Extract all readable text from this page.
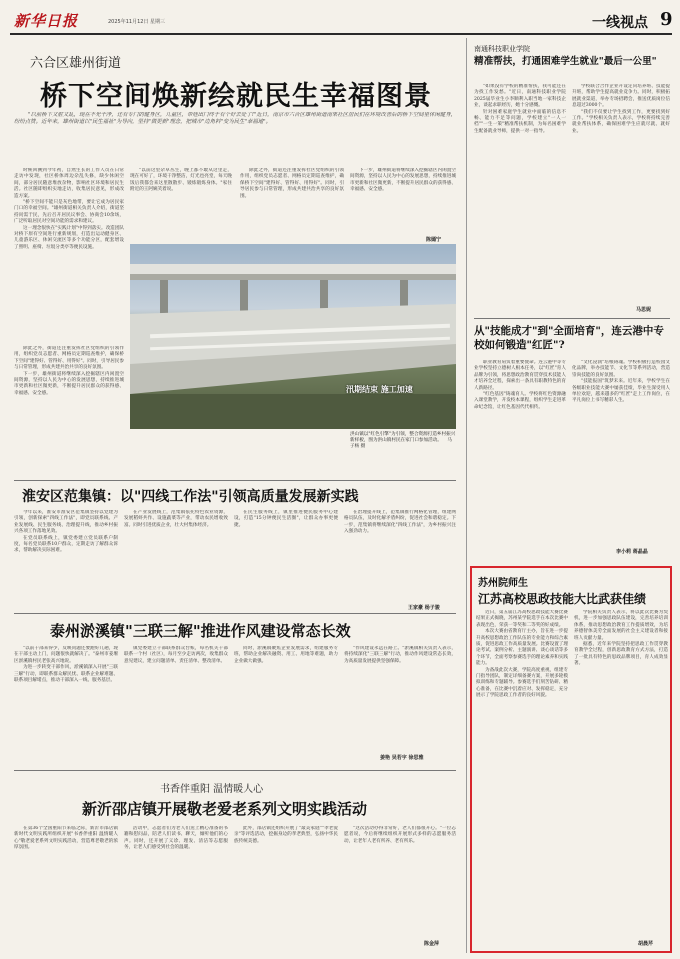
新华日报	2025年11月12日 星期三	一线视点 9
六合区雄州街道
桥下空间焕新绘就民生幸福图景
"以前桥下又脏又乱，现在不光干净，还有专门的健身区，儿童区，带娃出门终于有个好去处了!"近日，南京市六合区雄州街道南果社区居民们在环境改善后的桥下空间里休闲健身，纷纷点赞。近年来，雄州街道以"民生福祉"为导向，坚持"微更新"理念，把城市"边角料"变为民生"幸福地"。

时候回溯到今年初，自然生长的工作人员在日常走访中发现，社区桥体周边杂乱失修，缺少休闲空间，部分居民随意堆放杂物，影响社区环境和居民生活。社区随即组织实地走访，收集居民意见，形成改造方案。

"桥下空间不能只是灰色地带，要让它成为居民家门口的幸福空间。"雄州街道相关负责人介绍，街道坚持问需于民，先后召开居民议事会、协商会10余场，广泛听取居民对空间功能的需求和建议。

这一理念很快在"实践计划"中得到落实。改造团队对桥下原有空间进行重新规划，打造出运动健身区、儿童游乐区、休闲交流区等多个功能分区，配套增设了照明、座椅、垃圾分类亭等便民设施。

"以前这里杂草丛生，晚上都不敢从这里走，现在可好了，环境干净整洁，灯光也亮堂，每天晚饭后我都会来这里散散步、锻炼锻炼身体。"家住附近的王阿姨笑着说。

除此之外，街道还注重发挥社区党组织的引领作用，组织党员志愿者、网格员定期巡查维护，确保桥下空间"建得好、管得好、用得好"。同时，引导居民参与日常管理，形成共建共治共享的良好氛围。

下一步，雄州街道将继续深入挖掘辖区内闲置空间资源，坚持以人民为中心的发展思想，持续推进城市更新和社区微更新，不断提升居民群众的获得感、幸福感、安全感。

陈嫣宁
汛期结束 施工加速
洪山镇以"红色引擎"为引领，整合资源打造乡村振兴新样板，图为洪山镇村民在家门口参加活动。 马子杨 摄

除此之外，街道还注重发挥社区党组织的引领作用，组织党员志愿者、网格员定期巡查维护，确保桥下空间"建得好、管得好、用得好"。同时，引导居民参与日常管理，形成共建共治共享的良好氛围。

下一步，雄州街道将继续深入挖掘辖区内闲置空间资源，坚持以人民为中心的发展思想，持续推进城市更新和社区微更新，不断提升居民群众的获得感、幸福感、安全感。

淮安区范集镇：以"四线工作法"引领高质量发展新实践

今年以来，淮安市淮安区范集镇坚持以党建为引领，创新探索"四线工作法"，即党员联系线、产业发展线、民生服务线、治理提升线，推动乡村振兴各项工作落地见效。

在党员联系线上，镇党委建立党员联系户制度，每名党员联系10户群众，定期走访了解群众诉求，帮助解决实际困难。

在产业发展线上，范集镇依托特色农业资源，发展稻虾共作、设施蔬菜等产业，带动农民增收致富。同时引进优质企业，壮大村集体经济。

在民生服务线上，镇里推进便民服务中心建设，打造"15分钟便民生活圈"，让群众办事更便捷。

在治理提升线上，范集镇推行网格化管理，组建网格员队伍，及时化解矛盾纠纷，促进社会和谐稳定。下一步，范集镇将继续深化"四线工作法"，为乡村振兴注入强劲动力。

王家豪 杨子骏
泰州淤溪镇"三联三解"推进作风建设常态长效

"以前干部来得少，反映问题还要跑好几趟，现在干部主动上门，问题很快就解决了。"泰州市姜堰区淤溪镇村民老张高兴地说。

为进一步转变干部作风，淤溪镇深入开展"三联三解"行动，即联系群众解民忧、联系企业解难题、联系项目解堵点，推动干部深入一线、服务基层。

镇党委建立干部联系群众台账，每名机关干部联系一个村（社区），每月至少走访两次，收集群众意见建议，建立问题清单、责任清单、整改清单。

同时，淤溪镇聚焦企业发展需求，组建服务专班，帮助企业解决融资、用工、用地等难题，助力企业做大做强。

"作风建设永远在路上。"淤溪镇相关负责人表示，将持续深化"三联三解"行动，推动作风建设常态长效，为高质量发展提供坚强保障。

姜艳 吴若宇 徐思雅
书香伴重阳 温情暖人心
新沂邵店镇开展敬老爱老系列文明实践活动

在第36个全国重阳节来临之际，新沂市邵店镇新时代文明实践所组织开展"书香伴重阳 温情暖人心"敬老爱老系列文明实践活动，营造尊老敬老的浓厚氛围。

活动中，志愿者们为老人们送上精心准备的书籍和慰问品，陪老人们读书、聊天，倾听他们的心声。同时，还开展了义诊、理发、清洁等志愿服务，让老人们感受到社会的温暖。

此外，邵店镇还组织开展了"最美家庭""孝老爱亲"等评选活动，挖掘身边的孝老典型，弘扬中华民族传统美德。

"这次活动办得非常好，老人们都很开心。"一位志愿者说，今后将继续组织开展形式多样的志愿服务活动，让老年人老有所养、老有所乐。

陈金萍
南通科技职业学院
精准帮扶，打通困难学生就业"最后一公里"

"如果没有学校的精准帮扶，我可能还在为找工作发愁。"近日，南通科技职业学院2025届毕业生小李顺利入职当地一家科技企业，谈起求职经历，她十分感慨。

针对困难家庭学生就业中面临的信息不畅、能力不足等问题，学校建立"一人一档""一生一策"精准帮扶机制，为每名困难学生配备就业导师，提供一对一指导。

学校联合合作企业开设定向培养班、技能提升班，帮助学生提高就业竞争力。同时，积极拓展就业渠道，举办专场招聘会，推送优质岗位信息超过3000个。

"我们不仅要让学生找到工作，更要找到好工作。"学校相关负责人表示，学校将持续完善就业帮扶体系，确保困难学生应就尽就、就好业。

马思妮
从"技能成才"到"全面培育"，连云港中专校如何锻造"红匠"?

职业教育肩负着重要使命。连云港中等专业学校坚持立德树人根本任务，以"红匠"育人品牌为引领，将思想政治教育贯穿技术技能人才培养全过程，探索出一条具有职教特色的育人新路径。

"红色基因"铸魂育人。学校将红色资源融入课堂教学，开发校本课程，组织学生走进革命纪念馆，让红色基因代代相传。

"文化浸润"培根铸魂。学校积极打造校园文化品牌，举办技能节、文化节等系列活动，营造崇尚技能的良好氛围。

"技能报国"筑梦未来。近年来，学校学生在各级职业技能大赛中屡获佳绩，毕业生深受用人单位欢迎，越来越多的"红匠"走上工作岗位，在平凡岗位上书写精彩人生。

李小莉 蒋晶晶
苏州院师生
江苏高校思政技能大比武获佳绩

近日，第五届江苏高校思政技能大赛比赛结果正式揭晓，苏州某学院选手在本次比赛中表现出色，荣获一等奖和二等奖的好成绩。

本次大赛由省教育厅主办，旨在进一步提升高校思想政治工作队伍的专业能力和综合素质，促进思政工作高质量发展。比赛设置了理论考试、案例分析、主题演讲、谈心谈话等多个环节，全面考察参赛选手的理论素养和实践能力。

为备战此次大赛，学院高度重视，组建专门指导团队，制定详细备赛方案，开展多轮模拟训练和专题辅导。参赛选手们刻苦钻研、精心准备，在比赛中沉着应对、发挥稳定，充分展示了学院思政工作者的良好风貌。

学院相关负责人表示，将以此次比赛为契机，进一步加强思政队伍建设，完善培养培训体系，推动思想政治教育工作提质增效，为培养德智体美劳全面发展的社会主义建设者和接班人贡献力量。

据悉，近年来学院坚持把思政工作贯穿教育教学全过程，创新思政教育方式方法，打造了一批具有特色的思政品牌项目，育人成效显著。

胡晨芹
